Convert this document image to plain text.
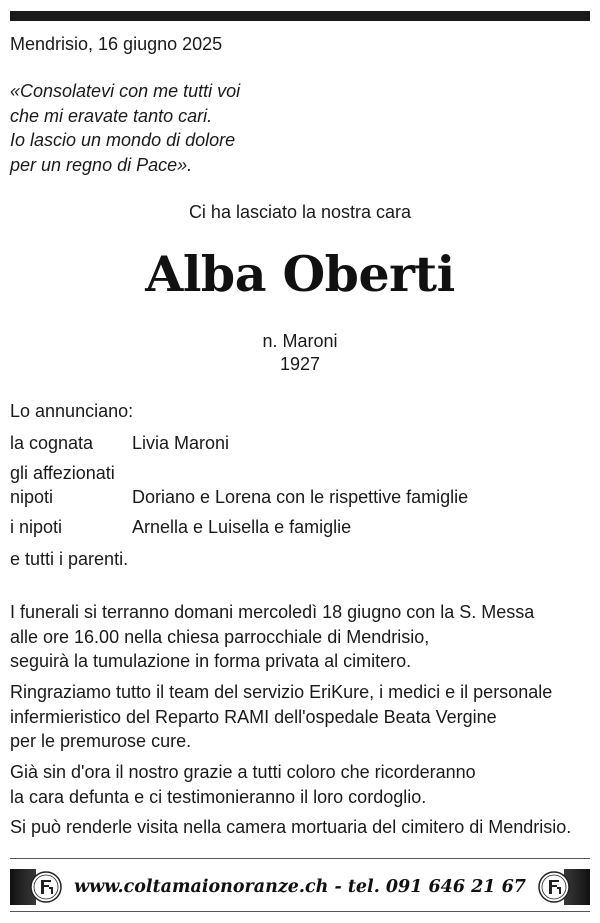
Mendrisio, 16 giugno 2025
«Consolatevi con me tutti voi
che mi eravate tanto cari.
Io lascio un mondo di dolore
per un regno di Pace».
Ci ha lasciato la nostra cara
Alba Oberti
n. Maroni
1927
Lo annunciano:
la cognata Livia Maroni
gli affezionati
nipoti	Doriano e Lorena con le rispettive famiglie
i nipoti	Arnella e Luisella e famiglie
e tutti i parenti.
I funerali si terranno domani mercoledì 18 giugno con la S. Messa
alle ore 16.00 nella chiesa parrocchiale di Mendrisio,
seguirà la tumulazione in forma privata al cimitero.
Ringraziamo tutto il team del servizio EriKure, i medici e il personale
infermieristico del Reparto RAMI dell'ospedale Beata Vergine
per le premurose cure.
Già sin d'ora il nostro grazie a tutti coloro che ricorderanno
la cara defunta e ci testimonieranno il loro cordoglio.
Si può renderle visita nella camera mortuaria del cimitero di Mendrisio.
www.coltamaionoranze.ch - tel. 091 646 21 67
